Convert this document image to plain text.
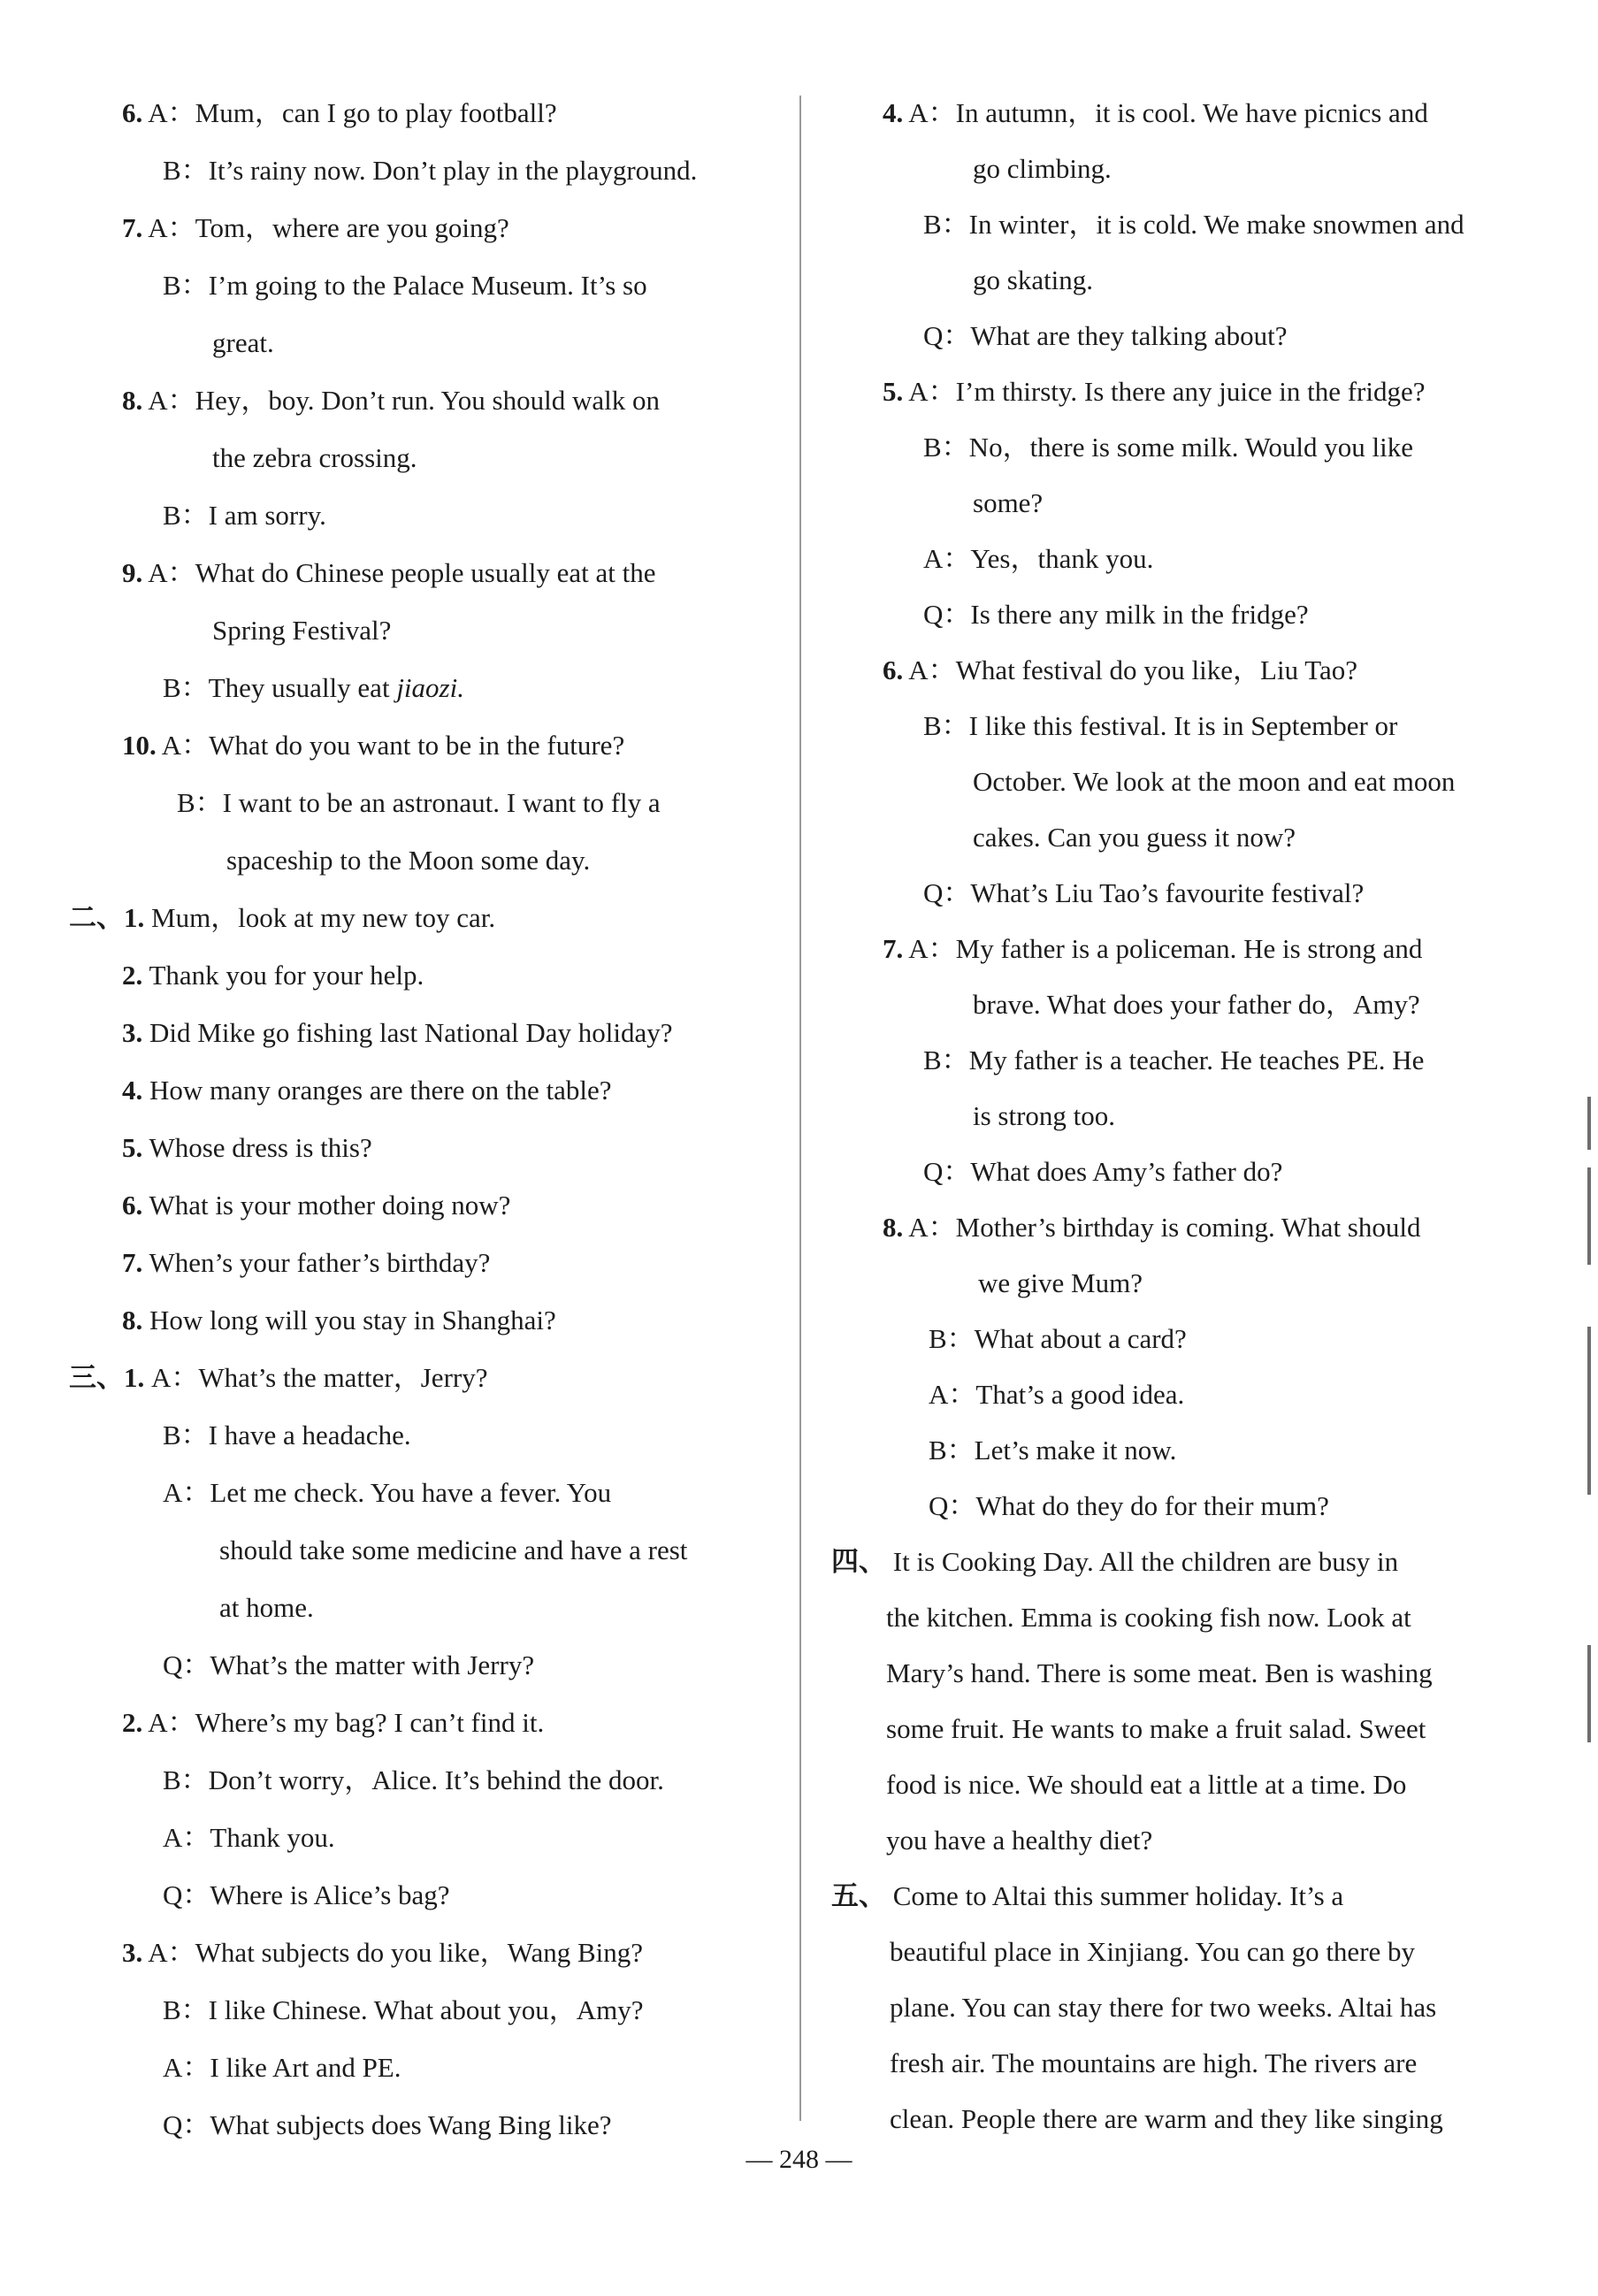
6. A：Mum，can I go to play football?
B：It’s rainy now. Don’t play in the playground.
7. A：Tom，where are you going?
B：I’m going to the Palace Museum. It’s so
great.
8. A：Hey，boy. Don’t run. You should walk on
the zebra crossing.
B：I am sorry.
9. A：What do Chinese people usually eat at the
Spring Festival?
B：They usually eat jiaozi.
10. A：What do you want to be in the future?
B：I want to be an astronaut. I want to fly a
spaceship to the Moon some day.
二、1. Mum，look at my new toy car.
2. Thank you for your help.
3. Did Mike go fishing last National Day holiday?
4. How many oranges are there on the table?
5. Whose dress is this?
6. What is your mother doing now?
7. When’s your father’s birthday?
8. How long will you stay in Shanghai?
三、1. A：What’s the matter，Jerry?
B：I have a headache.
A：Let me check. You have a fever. You
should take some medicine and have a rest
at home.
Q：What’s the matter with Jerry?
2. A：Where’s my bag? I can’t find it.
B：Don’t worry，Alice. It’s behind the door.
A：Thank you.
Q：Where is Alice’s bag?
3. A：What subjects do you like，Wang Bing?
B：I like Chinese. What about you，Amy?
A：I like Art and PE.
Q：What subjects does Wang Bing like?
4. A：In autumn，it is cool. We have picnics and
go climbing.
B：In winter，it is cold. We make snowmen and
go skating.
Q：What are they talking about?
5. A：I’m thirsty. Is there any juice in the fridge?
B：No，there is some milk. Would you like
some?
A：Yes，thank you.
Q：Is there any milk in the fridge?
6. A：What festival do you like，Liu Tao?
B：I like this festival. It is in September or
October. We look at the moon and eat moon
cakes. Can you guess it now?
Q：What’s Liu Tao’s favourite festival?
7. A：My father is a policeman. He is strong and
brave. What does your father do，Amy?
B：My father is a teacher. He teaches PE. He
is strong too.
Q：What does Amy’s father do?
8. A：Mother’s birthday is coming. What should
we give Mum?
B：What about a card?
A：That’s a good idea.
B：Let’s make it now.
Q：What do they do for their mum?
四、 It is Cooking Day. All the children are busy in
the kitchen. Emma is cooking fish now. Look at
Mary’s hand. There is some meat. Ben is washing
some fruit. He wants to make a fruit salad. Sweet
food is nice. We should eat a little at a time. Do
you have a healthy diet?
五、 Come to Altai this summer holiday. It’s a
beautiful place in Xinjiang. You can go there by
plane. You can stay there for two weeks. Altai has
fresh air. The mountains are high. The rivers are
clean. People there are warm and they like singing
— 248 —
